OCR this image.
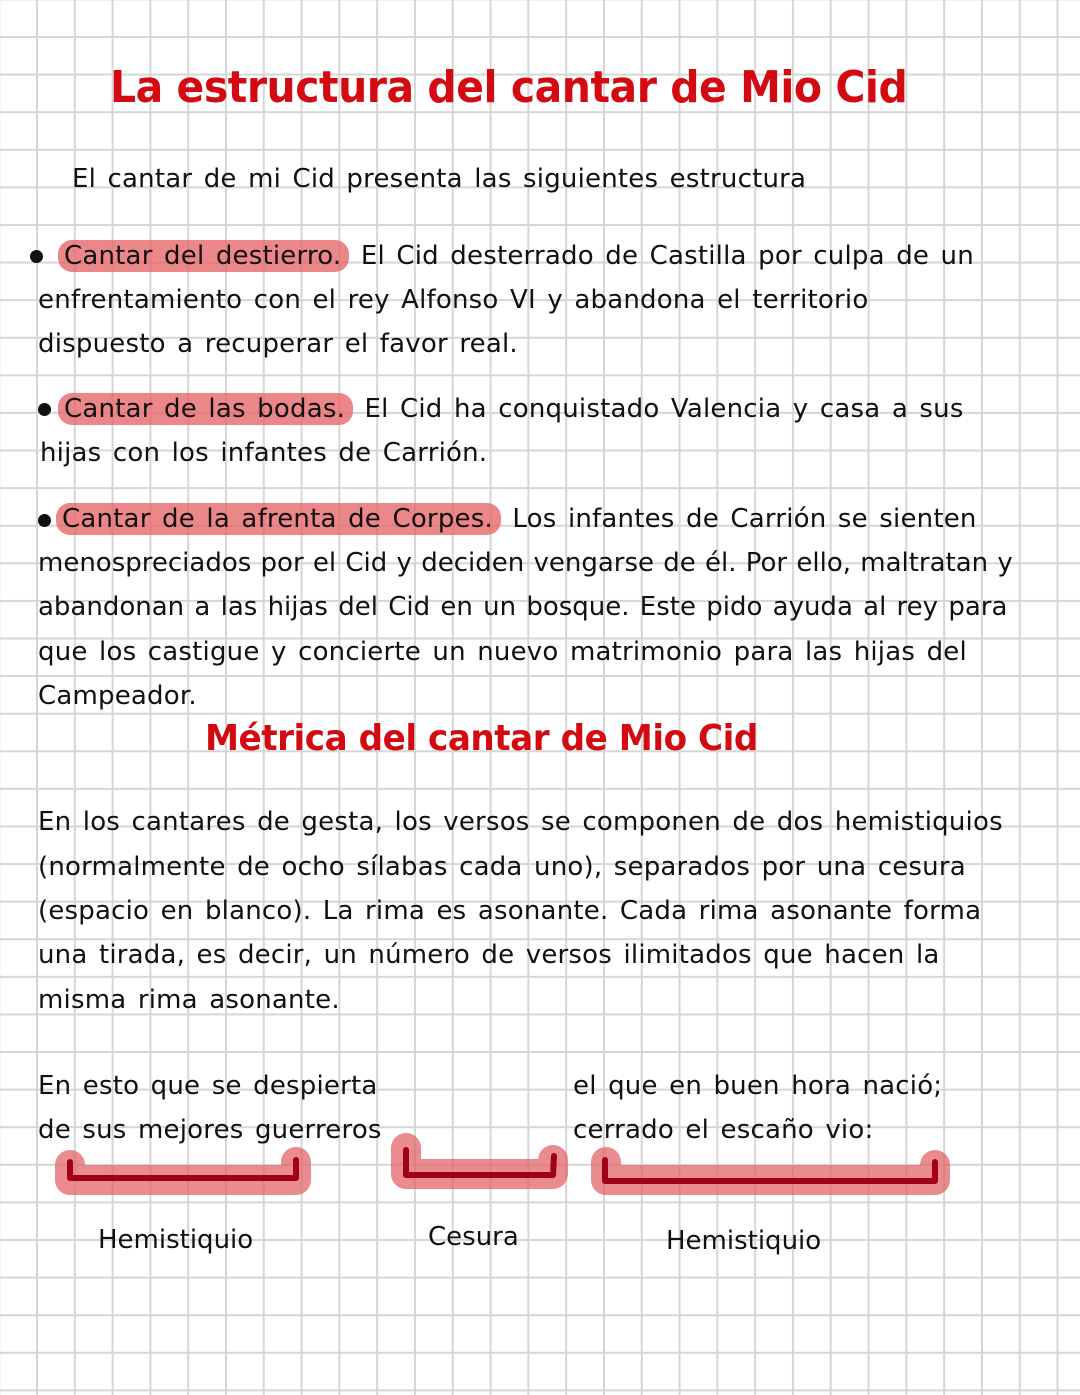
La estructura del cantar de Mio Cid
El cantar de mi Cid presenta las siguientes estructura
Cantar del destierro. El Cid desterrado de Castilla por culpa de un
enfrentamiento con el rey Alfonso VI y abandona el territorio
dispuesto a recuperar el favor real.
Cantar de las bodas. El Cid ha conquistado Valencia y casa a sus
hijas con los infantes de Carrión.
Cantar de la afrenta de Corpes. Los infantes de Carrión se sienten
menospreciados por el Cid y deciden vengarse de él. Por ello, maltratan y
abandonan a las hijas del Cid en un bosque. Este pido ayuda al rey para
que los castigue y concierte un nuevo matrimonio para las hijas del
Campeador.
Métrica del cantar de Mio Cid
En los cantares de gesta, los versos se componen de dos hemistiquios
(normalmente de ocho sílabas cada uno), separados por una cesura
(espacio en blanco). La rima es asonante. Cada rima asonante forma
una tirada, es decir, un número de versos ilimitados que hacen la
misma rima asonante.
En esto que se despierta
de sus mejores guerreros
el que en buen hora nació;
cerrado el escaño vio:
Hemistiquio	Cesura	Hemistiquio
